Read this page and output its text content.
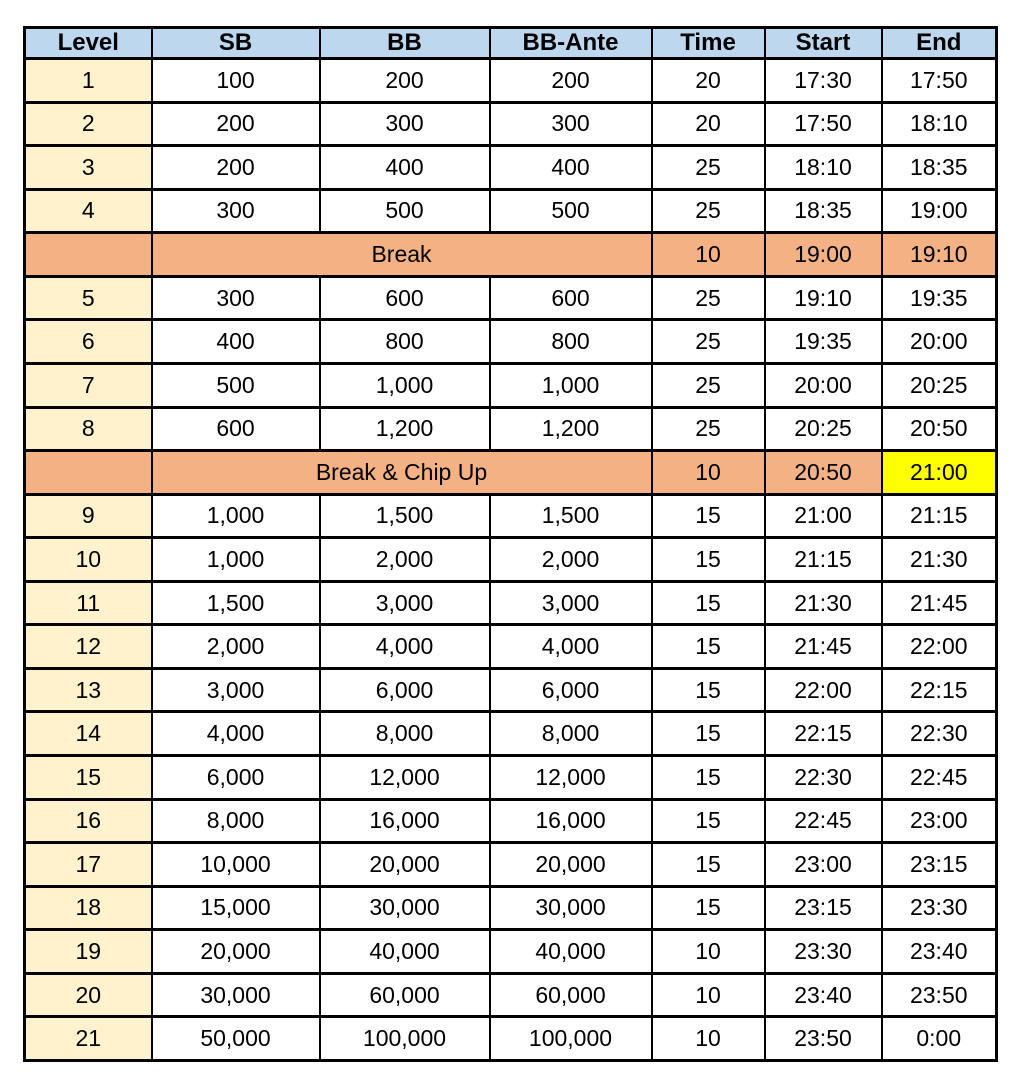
Level	SB	BB	BB-Ante	Time	Start	End
1	100	200	200	20	17:30	17:50
2	200	300	300	20	17:50	18:10
3	200	400	400	25	18:10	18:35
4	300	500	500	25	18:35	19:00
	Break			10	19:00	19:10
5	300	600	600	25	19:10	19:35
6	400	800	800	25	19:35	20:00
7	500	1,000	1,000	25	20:00	20:25
8	600	1,200	1,200	25	20:25	20:50
	Break & Chip Up			10	20:50	21:00
9	1,000	1,500	1,500	15	21:00	21:15
10	1,000	2,000	2,000	15	21:15	21:30
11	1,500	3,000	3,000	15	21:30	21:45
12	2,000	4,000	4,000	15	21:45	22:00
13	3,000	6,000	6,000	15	22:00	22:15
14	4,000	8,000	8,000	15	22:15	22:30
15	6,000	12,000	12,000	15	22:30	22:45
16	8,000	16,000	16,000	15	22:45	23:00
17	10,000	20,000	20,000	15	23:00	23:15
18	15,000	30,000	30,000	15	23:15	23:30
19	20,000	40,000	40,000	10	23:30	23:40
20	30,000	60,000	60,000	10	23:40	23:50
21	50,000	100,000	100,000	10	23:50	0:00
